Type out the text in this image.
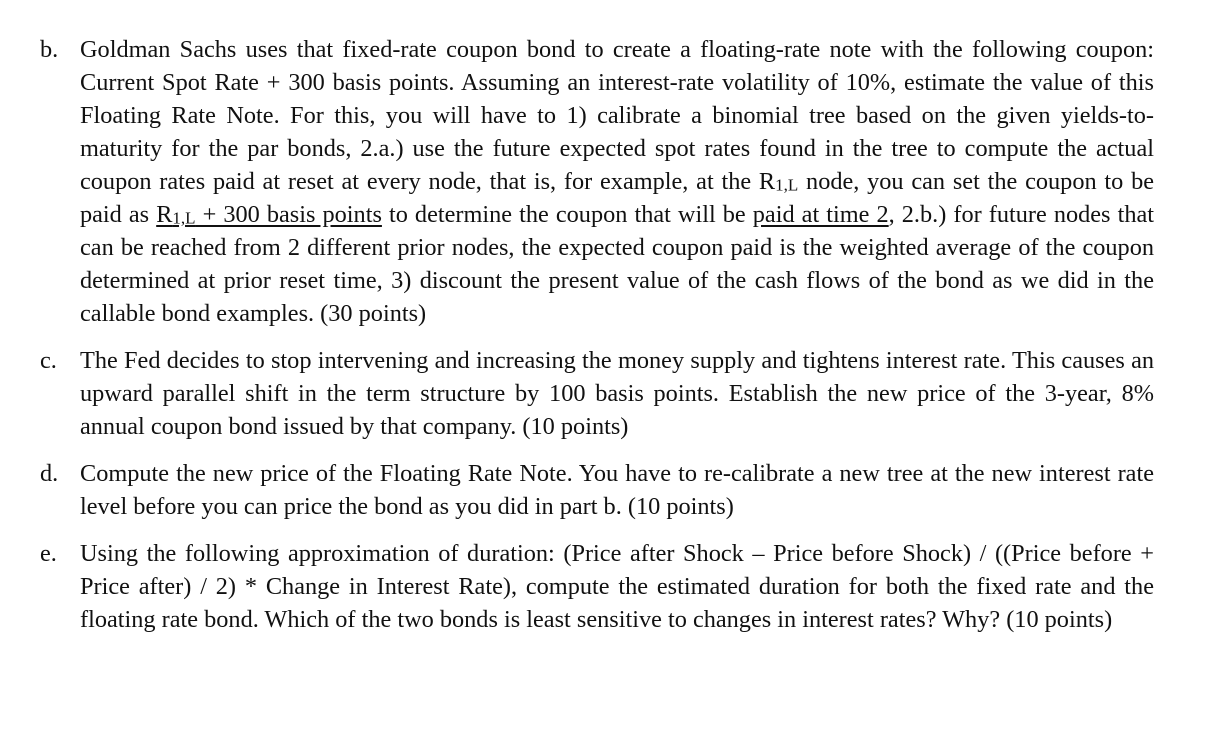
b. Goldman Sachs uses that fixed-rate coupon bond to create a floating-rate note with the following coupon: Current Spot Rate + 300 basis points. Assuming an interest-rate volatility of 10%, estimate the value of this Floating Rate Note. For this, you will have to 1) calibrate a binomial tree based on the given yields-to-maturity for the par bonds, 2.a.) use the future expected spot rates found in the tree to compute the actual coupon rates paid at reset at every node, that is, for example, at the $R_{1,L}$ node, you can set the coupon to be paid as $R_{1,L} + 300$ basis points to determine the coupon that will be paid at time 2, 2.b.) for future nodes that can be reached from 2 different prior nodes, the expected coupon paid is the weighted average of the coupon determined at prior reset time, 3) discount the present value of the cash flows of the bond as we did in the callable bond examples. (30 points)
c. The Fed decides to stop intervening and increasing the money supply and tightens interest rate. This causes an upward parallel shift in the term structure by 100 basis points. Establish the new price of the 3-year, 8% annual coupon bond issued by that company. (10 points)
d. Compute the new price of the Floating Rate Note. You have to re-calibrate a new tree at the new interest rate level before you can price the bond as you did in part b. (10 points)
e. Using the following approximation of duration: (Price after Shock – Price before Shock) / ((Price before + Price after) / 2) * Change in Interest Rate), compute the estimated duration for both the fixed rate and the floating rate bond. Which of the two bonds is least sensitive to changes in interest rates? Why? (10 points)
